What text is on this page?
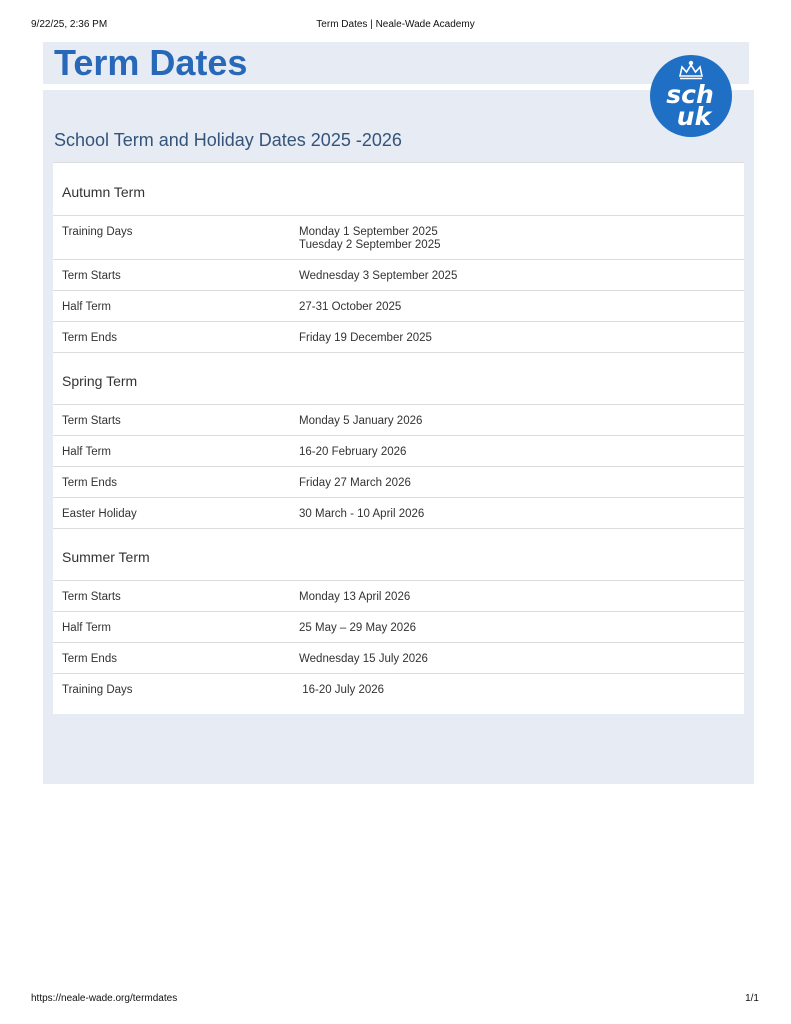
9/22/25, 2:36 PM	Term Dates | Neale-Wade Academy
Term Dates
sch
uk
School Term and Holiday Dates 2025 -2026
Autumn Term
Training Days	Monday 1 September 2025
Tuesday 2 September 2025
Term Starts	Wednesday 3 September 2025
Half Term	27-31 October 2025
Term Ends	Friday 19 December 2025
Spring Term
Term Starts	Monday 5 January 2026
Half Term	16-20 February 2026
Term Ends	Friday 27 March 2026
Easter Holiday	30 March - 10 April 2026
Summer Term
Term Starts	Monday 13 April 2026
Half Term	25 May – 29 May 2026
Term Ends	Wednesday 15 July 2026
Training Days	16-20 July 2026
https://neale-wade.org/termdates	1/1
